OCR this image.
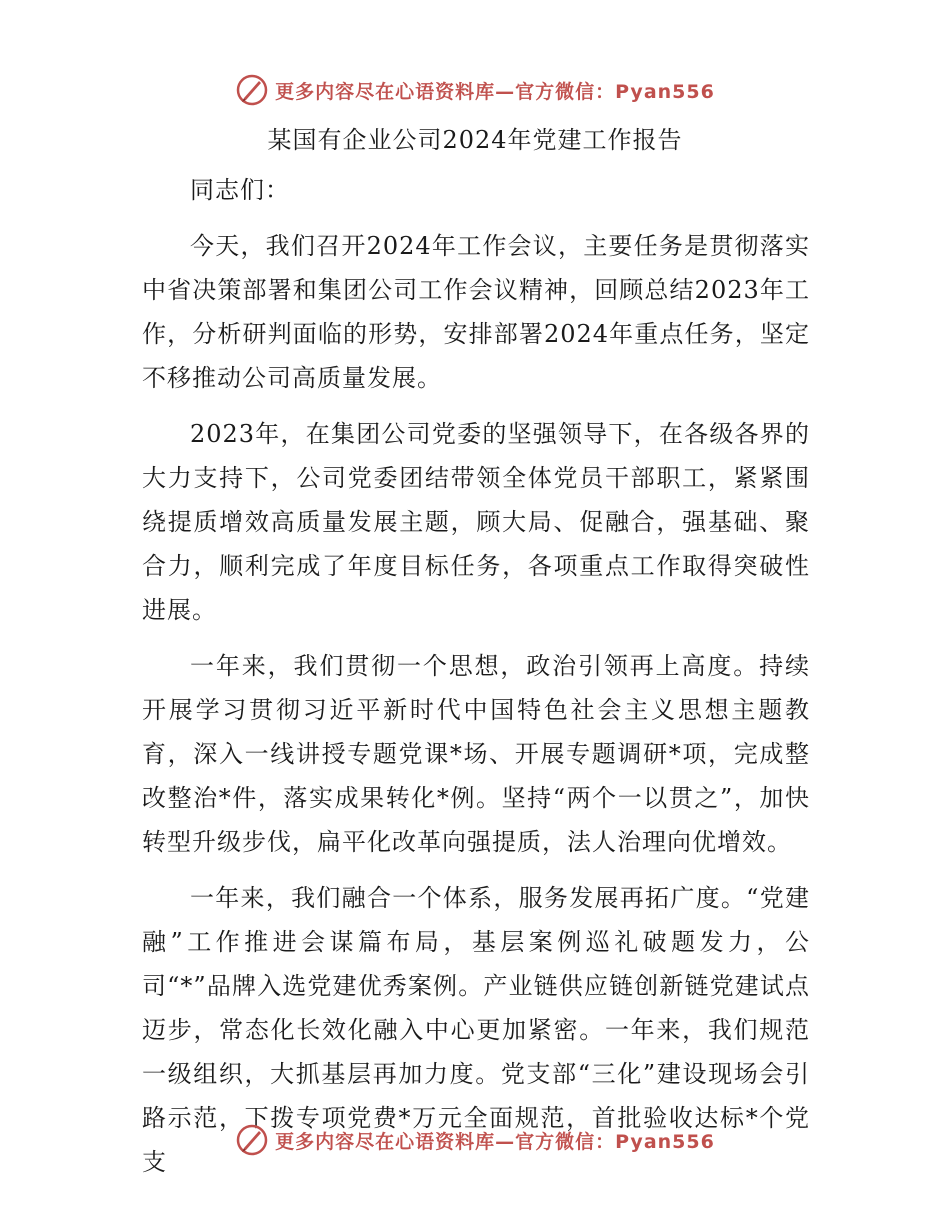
更多内容尽在心语资料库—官方微信：Pyan556
某国有企业公司2024年党建工作报告

同志们：

今天，我们召开2024年工作会议，主要任务是贯彻落实中省决策部署和集团公司工作会议精神，回顾总结2023年工作，分析研判面临的形势，安排部署2024年重点任务，坚定不移推动公司高质量发展。

2023年，在集团公司党委的坚强领导下，在各级各界的大力支持下，公司党委团结带领全体党员干部职工，紧紧围绕提质增效高质量发展主题，顾大局、促融合，强基础、聚合力，顺利完成了年度目标任务，各项重点工作取得突破性进展。

一年来，我们贯彻一个思想，政治引领再上高度。持续开展学习贯彻习近平新时代中国特色社会主义思想主题教育，深入一线讲授专题党课*场、开展专题调研*项，完成整改整治*件，落实成果转化*例。坚持“两个一以贯之”，加快转型升级步伐，扁平化改革向强提质，法人治理向优增效。

一年来，我们融合一个体系，服务发展再拓广度。“党建融”工作推进会谋篇布局，基层案例巡礼破题发力，公司“*”品牌入选党建优秀案例。产业链供应链创新链党建试点迈步，常态化长效化融入中心更加紧密。一年来，我们规范一级组织，大抓基层再加力度。党支部“三化”建设现场会引路示范，下拨专项党费*万元全面规范，首批验收达标*个党支

更多内容尽在心语资料库—官方微信：Pyan556
